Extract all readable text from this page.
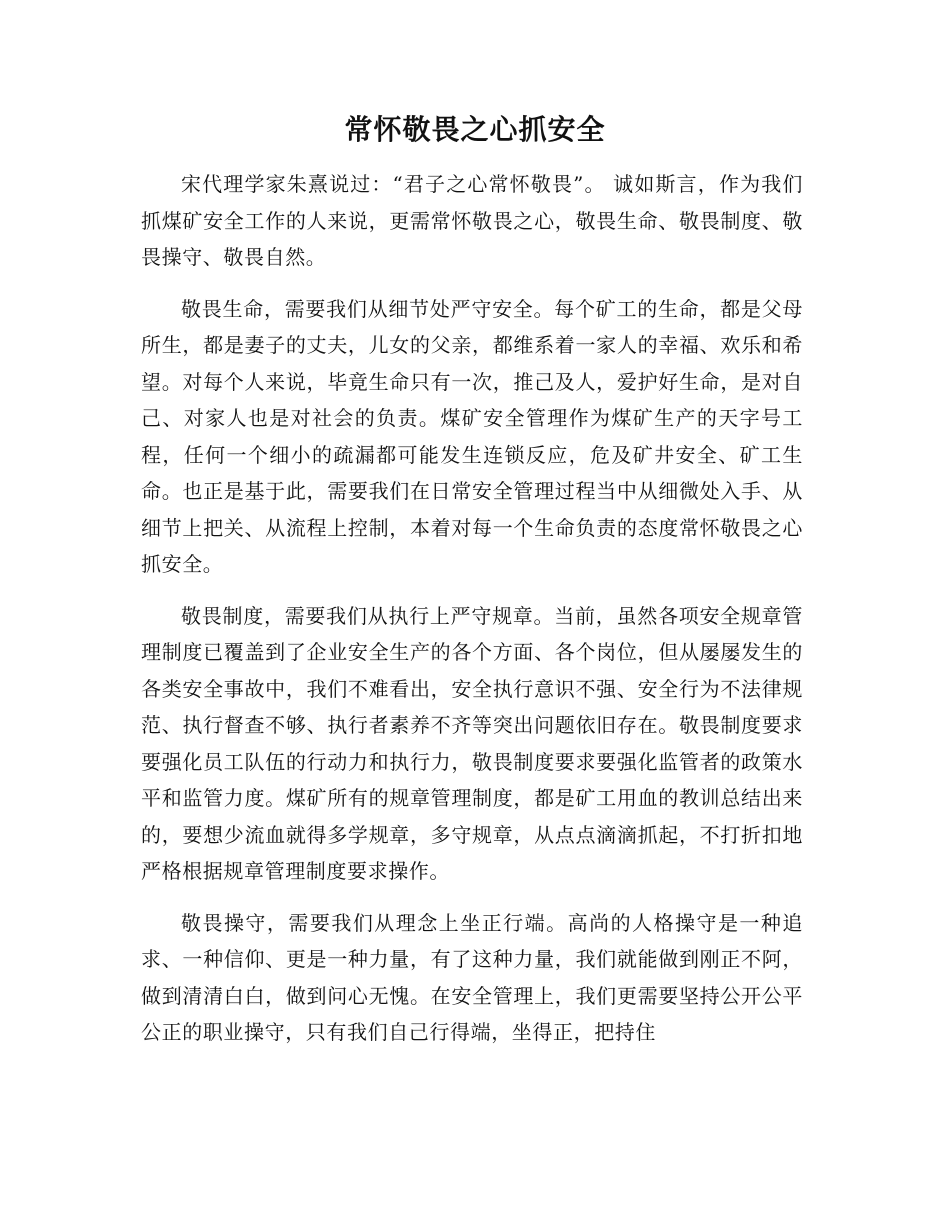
常怀敬畏之心抓安全

宋代理学家朱熹说过：“君子之心常怀敬畏”。 诚如斯言，作为我们抓煤矿安全工作的人来说，更需常怀敬畏之心，敬畏生命、敬畏制度、敬畏操守、敬畏自然。

敬畏生命，需要我们从细节处严守安全。每个矿工的生命，都是父母所生，都是妻子的丈夫，儿女的父亲，都维系着一家人的幸福、欢乐和希望。对每个人来说，毕竟生命只有一次，推己及人，爱护好生命，是对自己、对家人也是对社会的负责。煤矿安全管理作为煤矿生产的天字号工程，任何一个细小的疏漏都可能发生连锁反应，危及矿井安全、矿工生命。也正是基于此，需要我们在日常安全管理过程当中从细微处入手、从细节上把关、从流程上控制，本着对每一个生命负责的态度常怀敬畏之心抓安全。

敬畏制度，需要我们从执行上严守规章。当前，虽然各项安全规章管理制度已覆盖到了企业安全生产的各个方面、各个岗位，但从屡屡发生的各类安全事故中，我们不难看出，安全执行意识不强、安全行为不法律规范、执行督查不够、执行者素养不齐等突出问题依旧存在。敬畏制度要求要强化员工队伍的行动力和执行力，敬畏制度要求要强化监管者的政策水平和监管力度。煤矿所有的规章管理制度，都是矿工用血的教训总结出来的，要想少流血就得多学规章，多守规章，从点点滴滴抓起，不打折扣地严格根据规章管理制度要求操作。

敬畏操守，需要我们从理念上坐正行端。高尚的人格操守是一种追求、一种信仰、更是一种力量，有了这种力量，我们就能做到刚正不阿，做到清清白白，做到问心无愧。在安全管理上，我们更需要坚持公开公平公正的职业操守，只有我们自己行得端，坐得正，把持住
